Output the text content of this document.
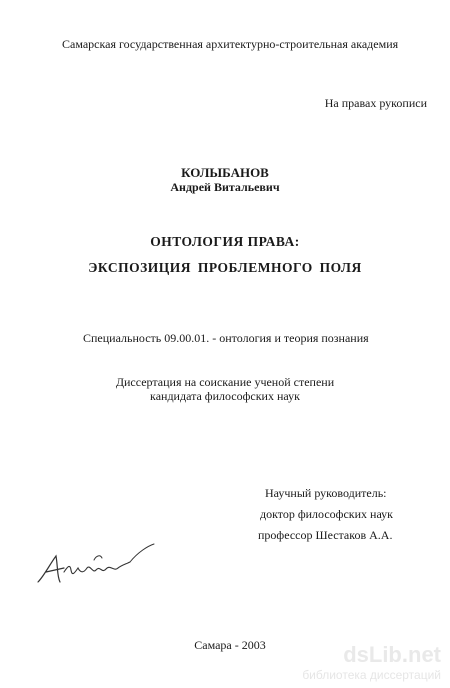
Самарская государственная архитектурно-строительная академия
На правах рукописи
КОЛЫБАНОВ
Андрей Витальевич
ОНТОЛОГИЯ ПРАВА:
ЭКСПОЗИЦИЯ ПРОБЛЕМНОГО ПОЛЯ
Специальность 09.00.01. - онтология и теория познания
Диссертация на соискание ученой степени
кандидата философских наук
Научный руководитель:
доктор философских наук
профессор Шестаков А.А.
Самара - 2003	dsLib.net
библиотека диссертаций
